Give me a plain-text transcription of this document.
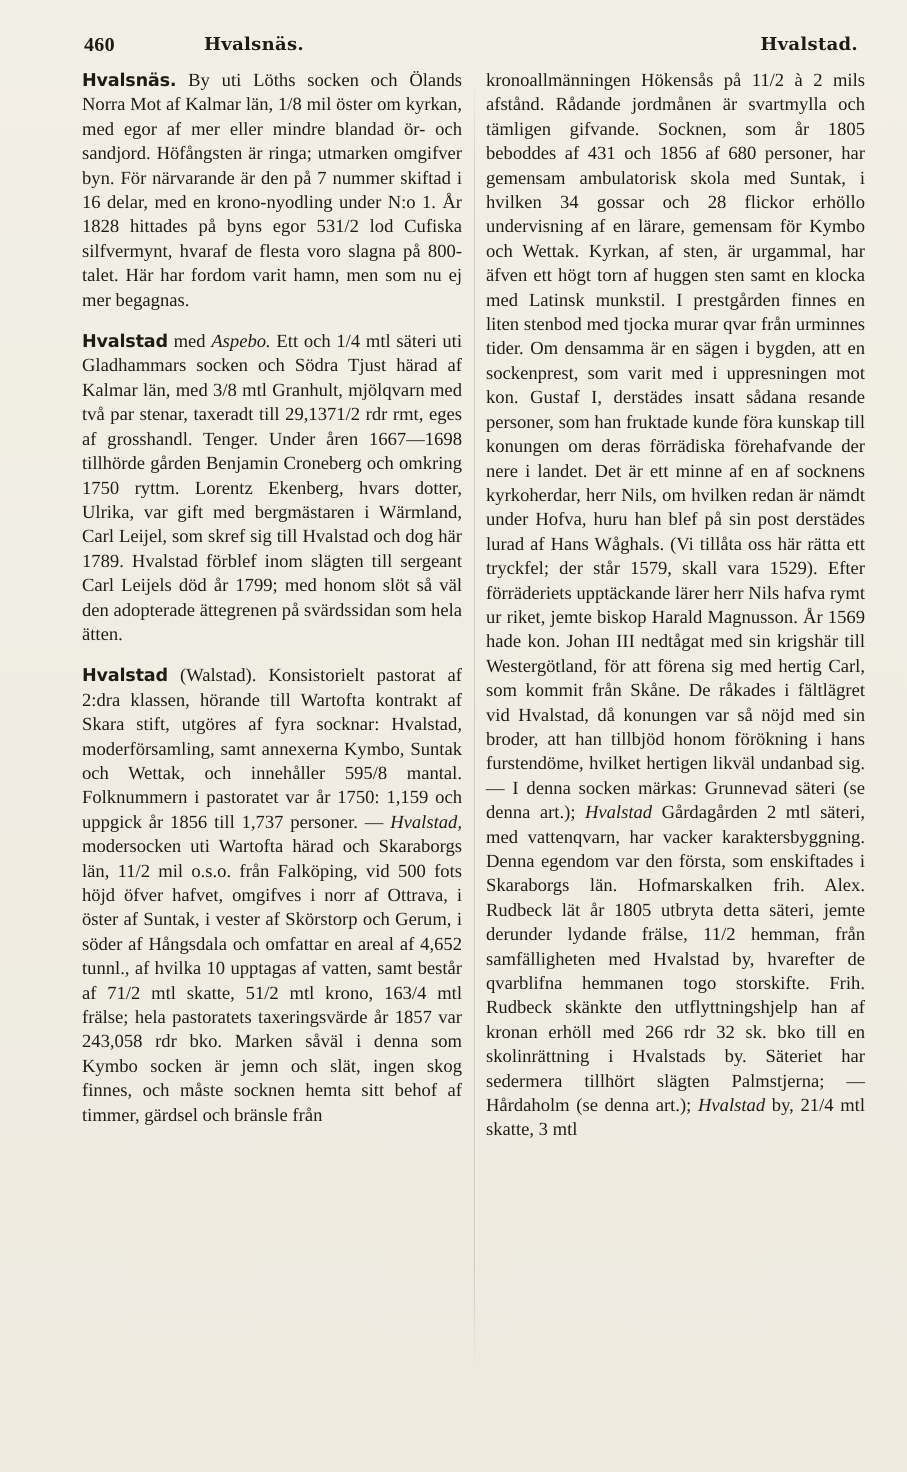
460	Hvalsnäs.	Hvalstad.

Hvalsnäs. By uti Löths socken och Ölands Norra Mot af Kalmar län, 1/8 mil öster om kyrkan, med egor af mer eller mindre blandad ör- och sandjord. Höfångsten är ringa; utmarken omgifver byn. För närvarande är den på 7 nummer skiftad i 16 delar, med en krono-nyodling under N:o 1. År 1828 hittades på byns egor 531/2 lod Cufiska silfvermynt, hvaraf de flesta voro slagna på 800-talet. Här har fordom varit hamn, men som nu ej mer begagnas.

Hvalstad med Aspebo. Ett och 1/4 mtl säteri uti Gladhammars socken och Södra Tjust härad af Kalmar län, med 3/8 mtl Granhult, mjölqvarn med två par stenar, taxeradt till 29,1371/2 rdr rmt, eges af grosshandl. Tenger. Under åren 1667—1698 tillhörde gården Benjamin Croneberg och omkring 1750 ryttm. Lorentz Ekenberg, hvars dotter, Ulrika, var gift med bergmästaren i Wärmland, Carl Leijel, som skref sig till Hvalstad och dog här 1789. Hvalstad förblef inom slägten till sergeant Carl Leijels död år 1799; med honom slöt så väl den adopterade ättegrenen på svärdssidan som hela ätten.

Hvalstad (Walstad). Konsistorielt pastorat af 2:dra klassen, hörande till Wartofta kontrakt af Skara stift, utgöres af fyra socknar: Hvalstad, moderförsamling, samt annexerna Kymbo, Suntak och Wettak, och innehåller 595/8 mantal. Folknummern i pastoratet var år 1750: 1,159 och uppgick år 1856 till 1,737 personer. — Hvalstad, modersocken uti Wartofta härad och Skaraborgs län, 11/2 mil o.s.o. från Falköping, vid 500 fots höjd öfver hafvet, omgifves i norr af Ottrava, i öster af Suntak, i vester af Skörstorp och Gerum, i söder af Hångsdala och omfattar en areal af 4,652 tunnl., af hvilka 10 upptagas af vatten, samt består af 71/2 mtl skatte, 51/2 mtl krono, 163/4 mtl frälse; hela pastoratets taxeringsvärde år 1857 var 243,058 rdr bko. Marken såväl i denna som Kymbo socken är jemn och slät, ingen skog finnes, och måste socknen hemta sitt behof af timmer, gärdsel och bränsle från

kronoallmänningen Hökensås på 11/2 à 2 mils afstånd. Rådande jordmånen är svartmylla och tämligen gifvande. Socknen, som år 1805 beboddes af 431 och 1856 af 680 personer, har gemensam ambulatorisk skola med Suntak, i hvilken 34 gossar och 28 flickor erhöllo undervisning af en lärare, gemensam för Kymbo och Wettak. Kyrkan, af sten, är urgammal, har äfven ett högt torn af huggen sten samt en klocka med Latinsk munkstil. I prestgården finnes en liten stenbod med tjocka murar qvar från urminnes tider. Om densamma är en sägen i bygden, att en sockenprest, som varit med i uppresningen mot kon. Gustaf I, derstädes insatt sådana resande personer, som han fruktade kunde föra kunskap till konungen om deras förrädiska förehafvande der nere i landet. Det är ett minne af en af socknens kyrkoherdar, herr Nils, om hvilken redan är nämdt under Hofva, huru han blef på sin post derstädes lurad af Hans Wåghals. (Vi tillåta oss här rätta ett tryckfel; der står 1579, skall vara 1529). Efter förräderiets upptäckande lärer herr Nils hafva rymt ur riket, jemte biskop Harald Magnusson. År 1569 hade kon. Johan III nedtågat med sin krigshär till Westergötland, för att förena sig med hertig Carl, som kommit från Skåne. De råkades i fältlägret vid Hvalstad, då konungen var så nöjd med sin broder, att han tillbjöd honom förökning i hans furstendöme, hvilket hertigen likväl undanbad sig. — I denna socken märkas: Grunnevad säteri (se denna art.); Hvalstad Gårdagården 2 mtl säteri, med vattenqvarn, har vacker karaktersbyggning. Denna egendom var den första, som enskiftades i Skaraborgs län. Hofmarskalken frih. Alex. Rudbeck lät år 1805 utbryta detta säteri, jemte derunder lydande frälse, 11/2 hemman, från samfälligheten med Hvalstad by, hvarefter de qvarblifna hemmanen togo storskifte. Frih. Rudbeck skänkte den utflyttningshjelp han af kronan erhöll med 266 rdr 32 sk. bko till en skolinrättning i Hvalstads by. Säteriet har sedermera tillhört slägten Palmstjerna; — Hårdaholm (se denna art.); Hvalstad by, 21/4 mtl skatte, 3 mtl
